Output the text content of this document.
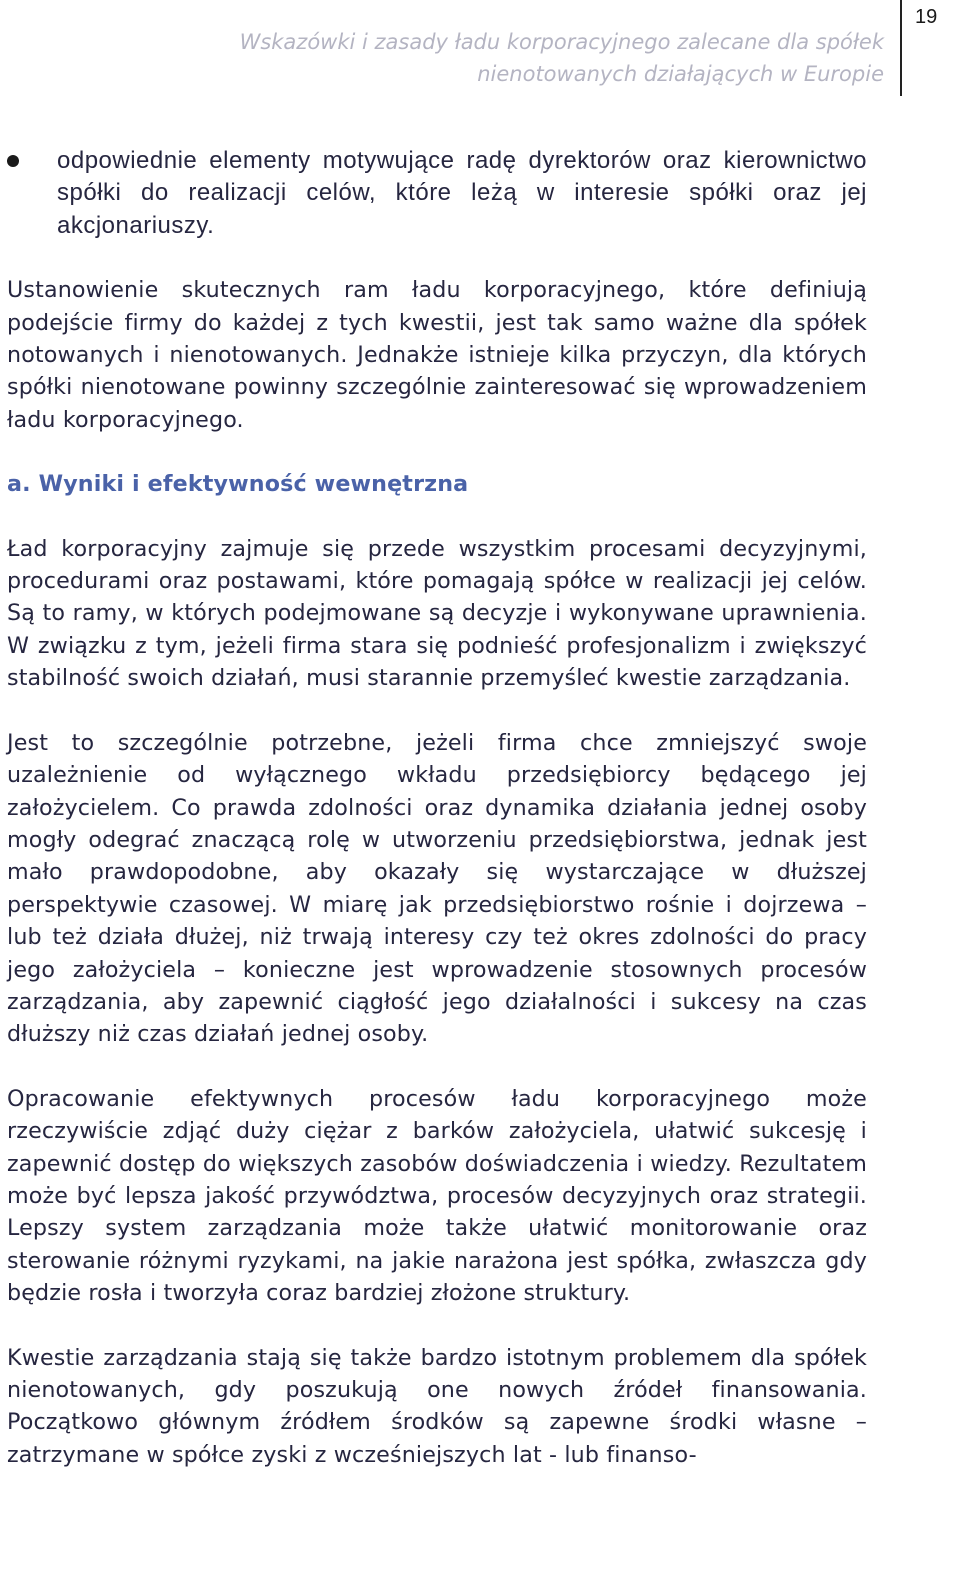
Wskazówki i zasady ładu korporacyjnego zalecane dla spółek
nienotowanych działających w Europie
19
odpowiednie elementy motywujące radę dyrektorów oraz kierownictwo spółki do realizacji celów, które leżą w interesie spółki oraz jej akcjonariuszy.

Ustanowienie skutecznych ram ładu korporacyjnego, które definiują podejście firmy do każdej z tych kwestii, jest tak samo ważne dla spółek notowanych i nienotowanych. Jednakże istnieje kilka przyczyn, dla których spółki nienotowane powinny szczególnie zainteresować się wprowadzeniem ładu korporacyjnego.

a. Wyniki i efektywność wewnętrzna

Ład korporacyjny zajmuje się przede wszystkim procesami decyzyjnymi, procedurami oraz postawami, które pomagają spółce w realizacji jej celów. Są to ramy, w których podejmowane są decyzje i wykonywane uprawnienia. W związku z tym, jeżeli firma stara się podnieść profesjonalizm i zwiększyć stabilność swoich działań, musi starannie przemyśleć kwestie zarządzania.

Jest to szczególnie potrzebne, jeżeli firma chce zmniejszyć swoje uzależnienie od wyłącznego wkładu przedsiębiorcy będącego jej założycielem. Co prawda zdolności oraz dynamika działania jednej osoby mogły odegrać znaczącą rolę w utworzeniu przedsiębiorstwa, jednak jest mało prawdopodobne, aby okazały się wystarczające w dłuższej perspektywie czasowej. W miarę jak przedsiębiorstwo rośnie i dojrzewa – lub też działa dłużej, niż trwają interesy czy też okres zdolności do pracy jego założyciela – konieczne jest wprowadzenie stosownych procesów zarządzania, aby zapewnić ciągłość jego działalności i sukcesy na czas dłuższy niż czas działań jednej osoby.

Opracowanie efektywnych procesów ładu korporacyjnego może rzeczywiście zdjąć duży ciężar z barków założyciela, ułatwić sukcesję i zapewnić dostęp do większych zasobów doświadczenia i wiedzy. Rezultatem może być lepsza jakość przywództwa, procesów decyzyjnych oraz strategii. Lepszy system zarządzania może także ułatwić monitorowanie oraz sterowanie różnymi ryzykami, na jakie narażona jest spółka, zwłaszcza gdy będzie rosła i tworzyła coraz bardziej złożone struktury.

Kwestie zarządzania stają się także bardzo istotnym problemem dla spółek nienotowanych, gdy poszukują one nowych źródeł finansowania. Początkowo głównym źródłem środków są zapewne środki własne – zatrzymane w spółce zyski z wcześniejszych lat - lub finanso-
